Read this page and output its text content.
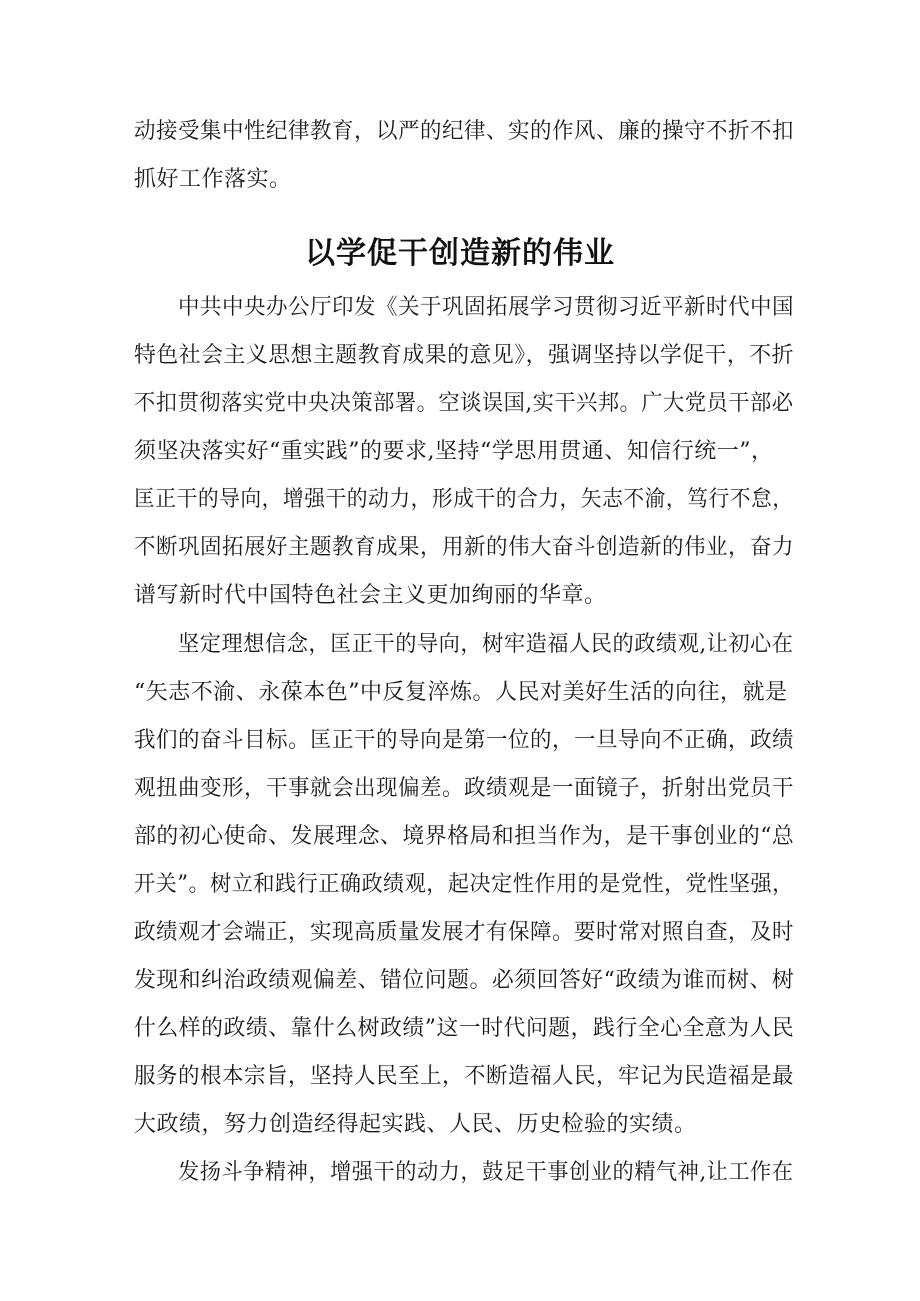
动接受集中性纪律教育，以严的纪律、实的作风、廉的操守不折不扣
抓好工作落实。
以学促干创造新的伟业
中共中央办公厅印发《关于巩固拓展学习贯彻习近平新时代中国
特色社会主义思想主题教育成果的意见》，强调坚持以学促干，不折
不扣贯彻落实党中央决策部署。空谈误国,实干兴邦。广大党员干部必
须坚决落实好“重实践”的要求,坚持“学思用贯通、知信行统一”，
匡正干的导向，增强干的动力，形成干的合力，矢志不渝，笃行不怠，
不断巩固拓展好主题教育成果，用新的伟大奋斗创造新的伟业，奋力
谱写新时代中国特色社会主义更加绚丽的华章。
坚定理想信念，匡正干的导向，树牢造福人民的政绩观,让初心在
“矢志不渝、永葆本色”中反复淬炼。人民对美好生活的向往，就是
我们的奋斗目标。匡正干的导向是第一位的，一旦导向不正确，政绩
观扭曲变形，干事就会出现偏差。政绩观是一面镜子，折射出党员干
部的初心使命、发展理念、境界格局和担当作为，是干事创业的“总
开关”。树立和践行正确政绩观，起决定性作用的是党性，党性坚强，
政绩观才会端正，实现高质量发展才有保障。要时常对照自查，及时
发现和纠治政绩观偏差、错位问题。必须回答好“政绩为谁而树、树
什么样的政绩、靠什么树政绩”这一时代问题，践行全心全意为人民
服务的根本宗旨，坚持人民至上，不断造福人民，牢记为民造福是最
大政绩，努力创造经得起实践、人民、历史检验的实绩。
发扬斗争精神，增强干的动力，鼓足干事创业的精气神,让工作在
